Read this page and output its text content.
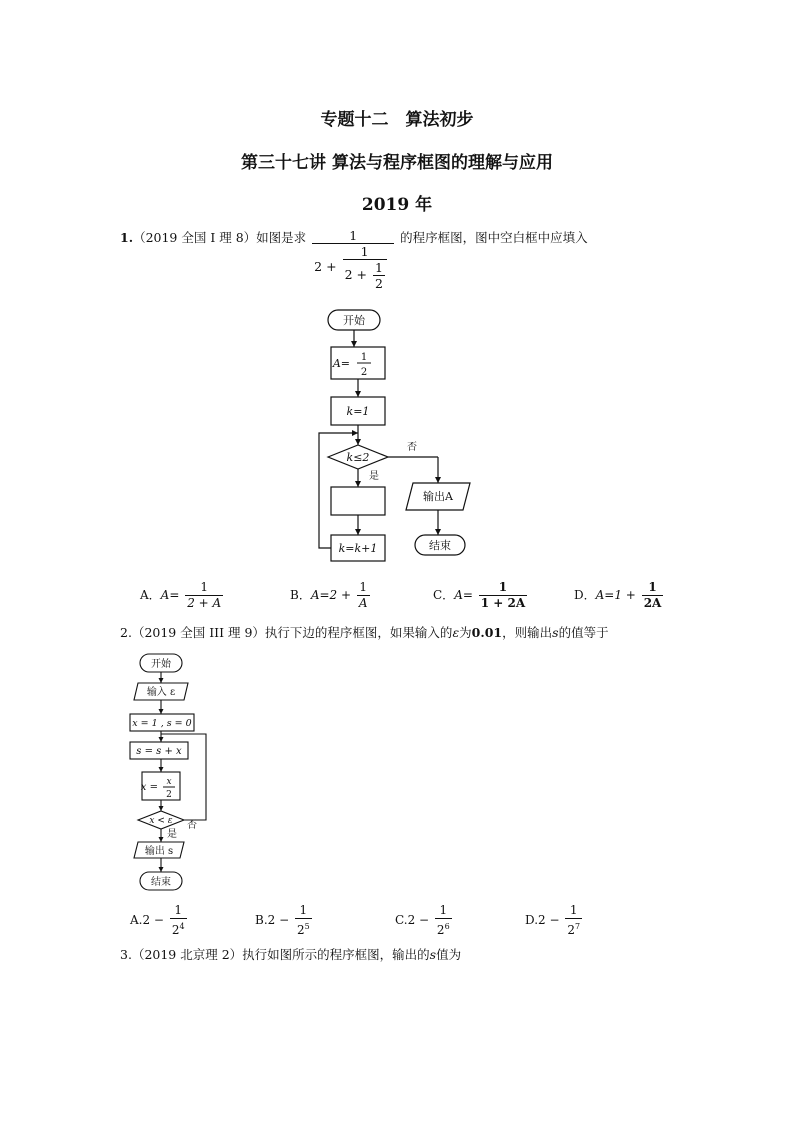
专题十二　算法初步
第三十七讲 算法与程序框图的理解与应用
2019 年
1.（2019 全国 I 理 8）如图是求	1
$2 + \frac{1}{2 + \frac{1}{2}}$
的程序框图，图中空白框中应填入
开始
A= 1
2
k=1
k≤2
否
是
输出A
k=k+1	结束
A．$A= \frac{1}{2 + A}$	B．$A=2 + \frac{1}{A}$	C．$A= \frac{1}{1 + 2A}$	D．$A=1 + \frac{1}{2A}$
2.（2019 全国 III 理 9）执行下边的程序框图，如果输入的ε为0.01，则输出s的值等于
开始
输入 ε
x = 1 , s = 0
s = s + x
x = x
2
x < ε 否
是
输出 s
结束
$A.2 - \frac{1}{2^4}$	$B.2 - \frac{1}{2^5}$	$C.2 - \frac{1}{2^6}$	$D.2 - \frac{1}{2^7}$
3.（2019 北京理 2）执行如图所示的程序框图，输出的s值为
